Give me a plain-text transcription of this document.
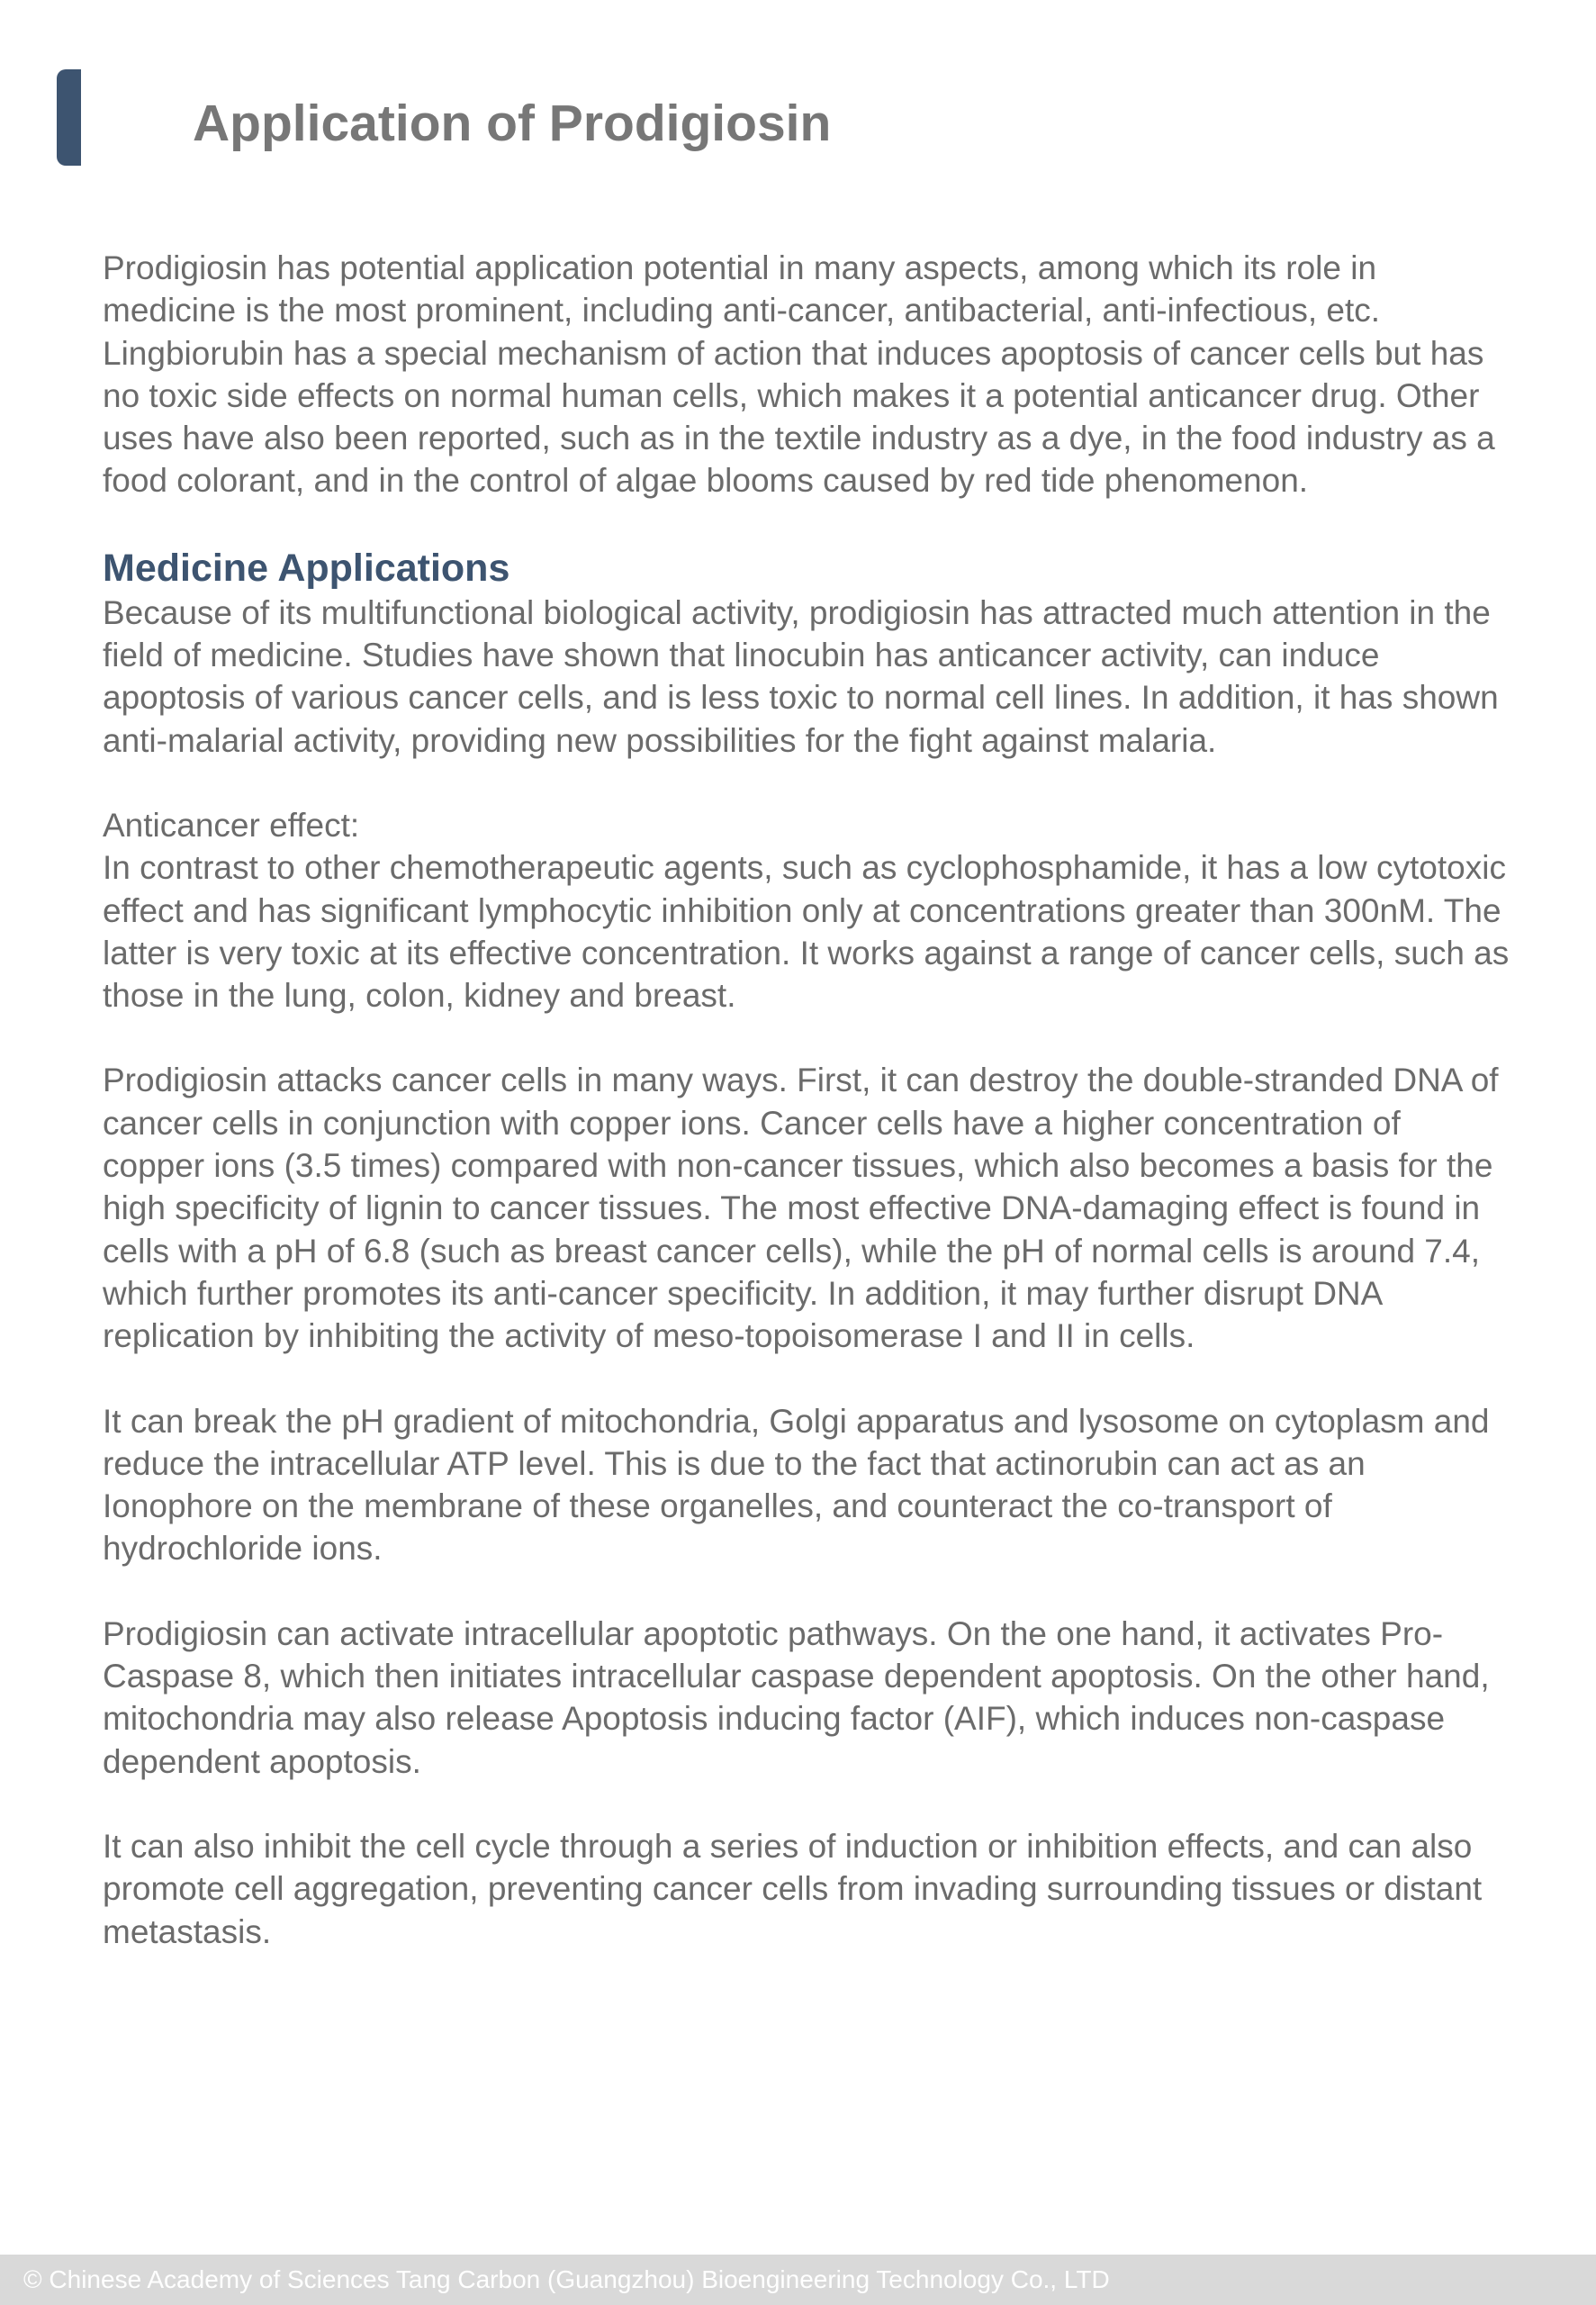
Application of Prodigiosin

Prodigiosin has potential application potential in many aspects, among which its role in medicine is the most prominent, including anti-cancer, antibacterial, anti-infectious, etc. Lingbiorubin has a special mechanism of action that induces apoptosis of cancer cells but has no toxic side effects on normal human cells, which makes it a potential anticancer drug. Other uses have also been reported, such as in the textile industry as a dye, in the food industry as a food colorant, and in the control of algae blooms caused by red tide phenomenon.

Medicine Applications

Because of its multifunctional biological activity, prodigiosin has attracted much attention in the field of medicine. Studies have shown that linocubin has anticancer activity, can induce apoptosis of various cancer cells, and is less toxic to normal cell lines. In addition, it has shown anti-malarial activity, providing new possibilities for the fight against malaria.

Anticancer effect:
In contrast to other chemotherapeutic agents, such as cyclophosphamide, it has a low cytotoxic effect and has significant lymphocytic inhibition only at concentrations greater than 300nM. The latter is very toxic at its effective concentration. It works against a range of cancer cells, such as those in the lung, colon, kidney and breast.

Prodigiosin attacks cancer cells in many ways. First, it can destroy the double-stranded DNA of cancer cells in conjunction with copper ions. Cancer cells have a higher concentration of copper ions (3.5 times) compared with non-cancer tissues, which also becomes a basis for the high specificity of lignin to cancer tissues. The most effective DNA-damaging effect is found in cells with a pH of 6.8 (such as breast cancer cells), while the pH of normal cells is around 7.4, which further promotes its anti-cancer specificity. In addition, it may further disrupt DNA replication by inhibiting the activity of meso-topoisomerase I and II in cells.

It can break the pH gradient of mitochondria, Golgi apparatus and lysosome on cytoplasm and reduce the intracellular ATP level. This is due to the fact that actinorubin can act as an Ionophore on the membrane of these organelles, and counteract the co-transport of hydrochloride ions.

Prodigiosin can activate intracellular apoptotic pathways. On the one hand, it activates Pro-Caspase 8, which then initiates intracellular caspase dependent apoptosis. On the other hand, mitochondria may also release Apoptosis inducing factor (AIF), which induces non-caspase dependent apoptosis.

It can also inhibit the cell cycle through a series of induction or inhibition effects, and can also promote cell aggregation, preventing cancer cells from invading surrounding tissues or distant metastasis.

© Chinese Academy of Sciences Tang Carbon (Guangzhou) Bioengineering Technology Co., LTD
